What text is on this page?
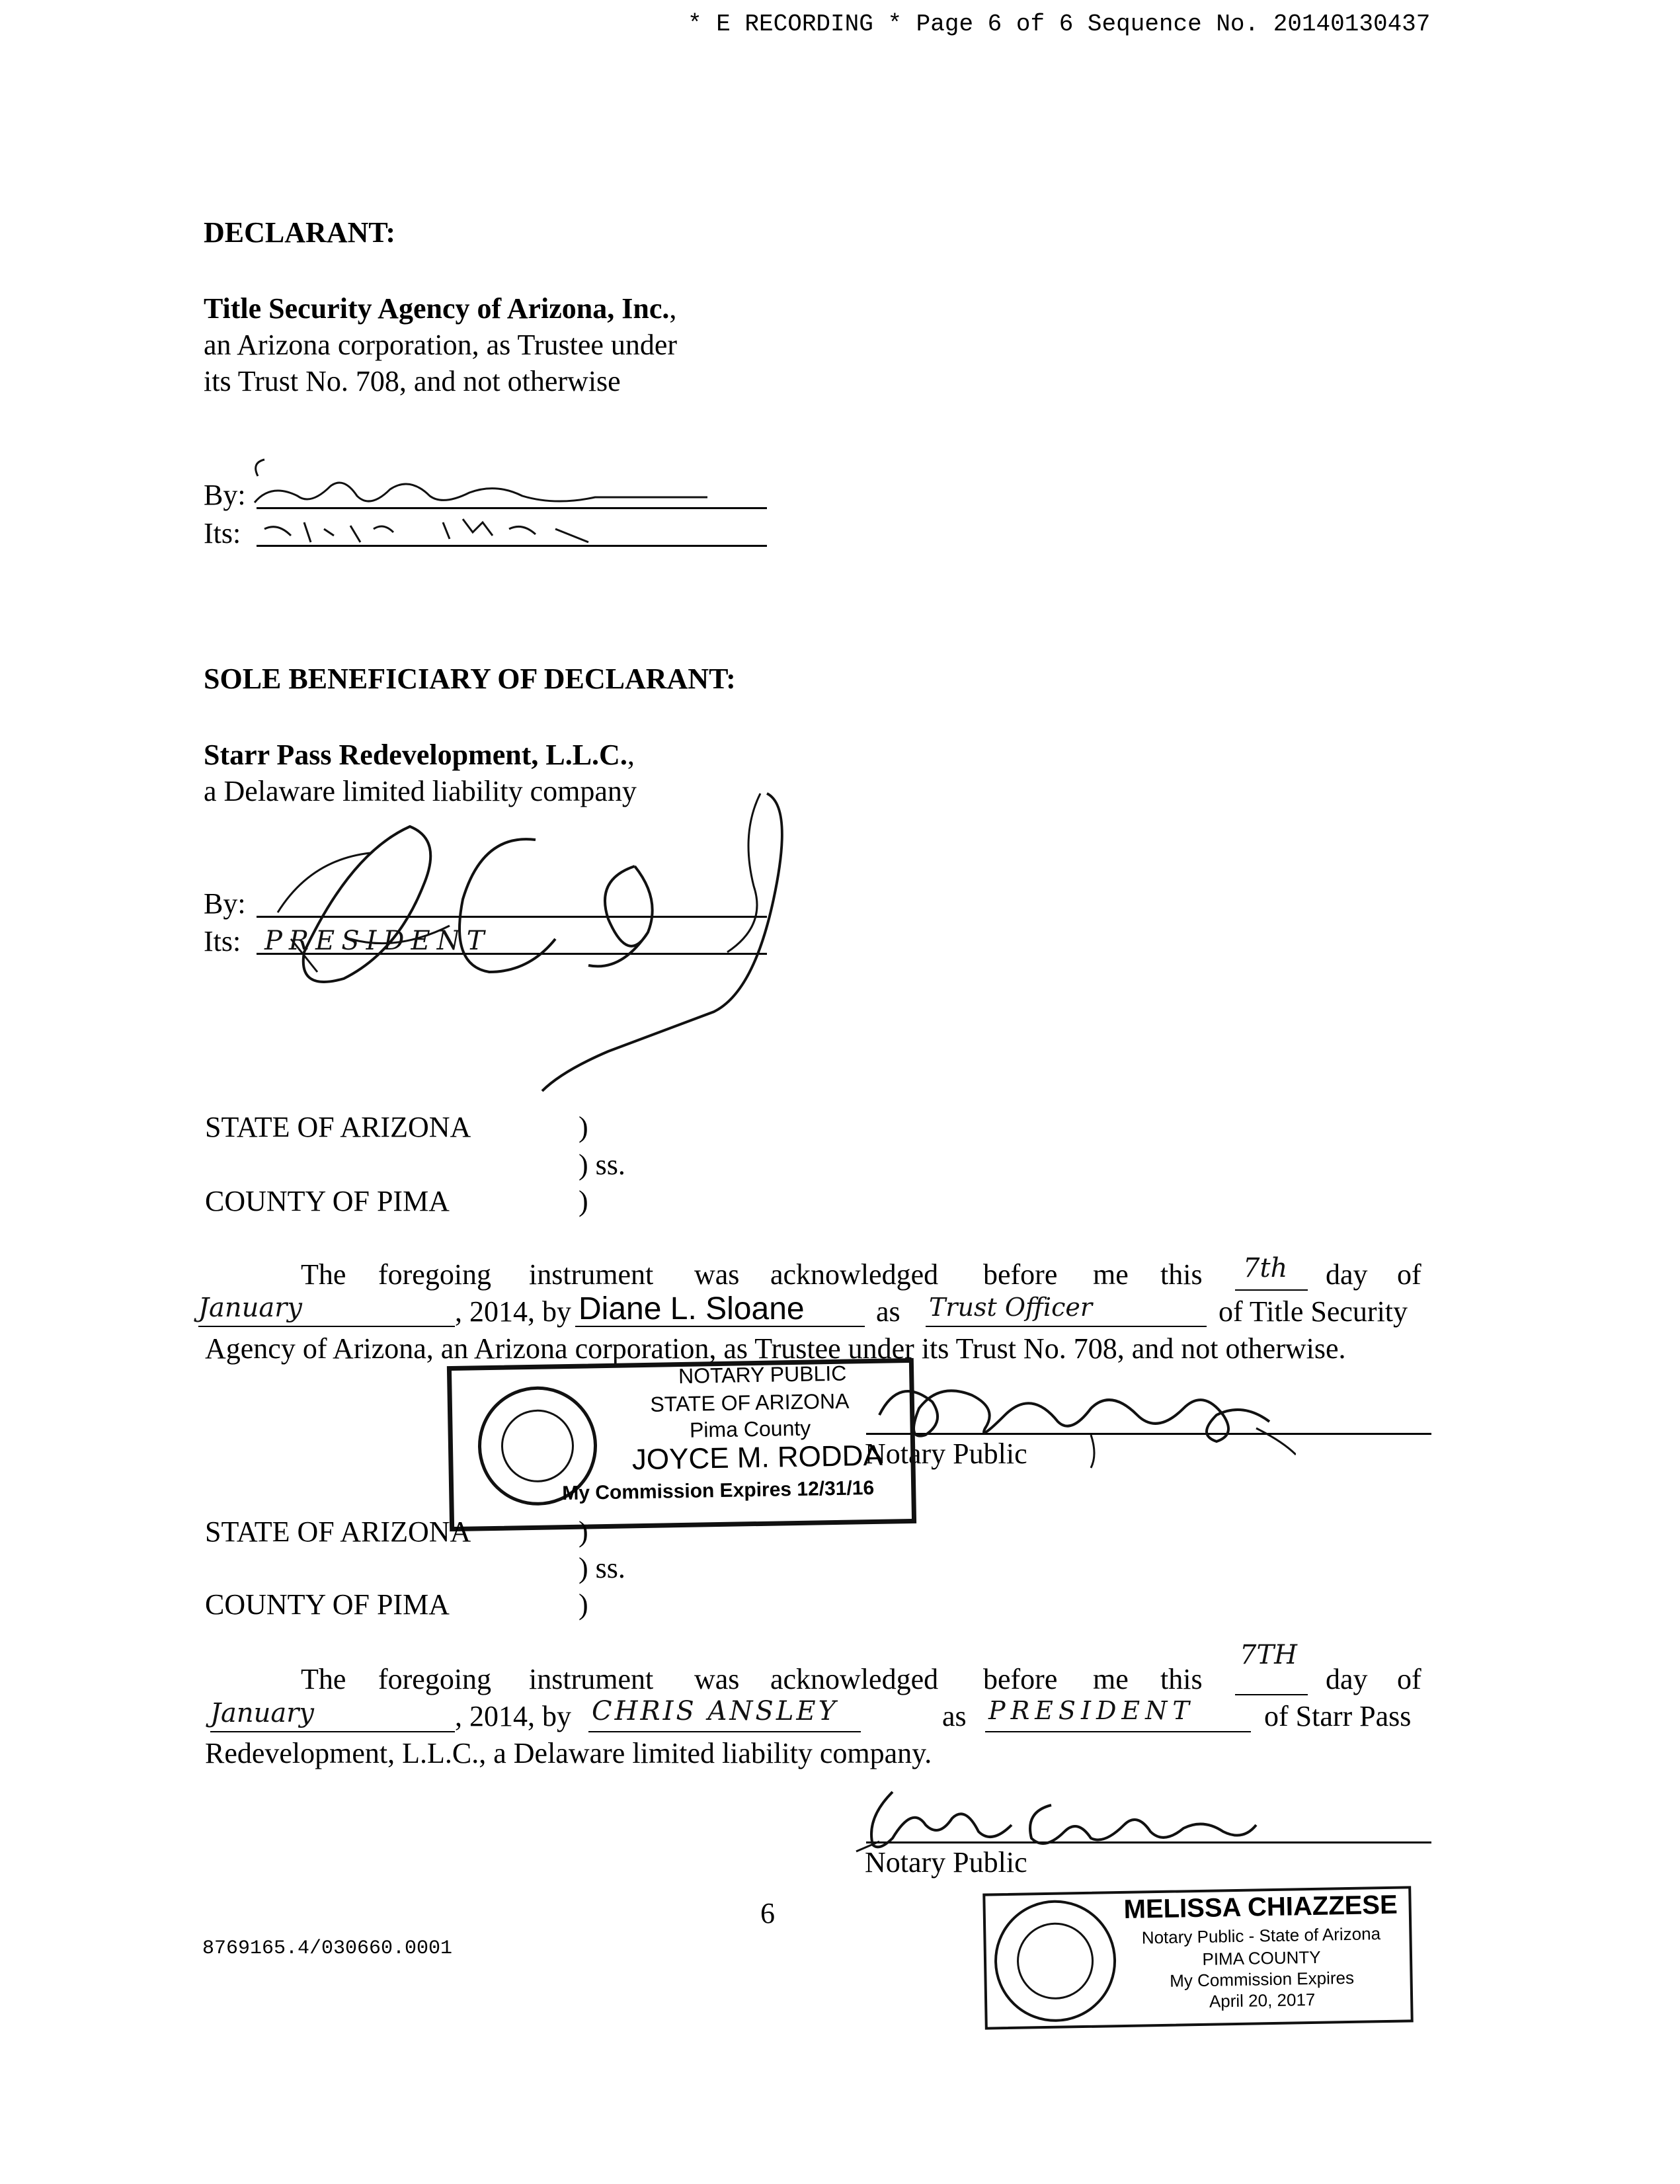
* E RECORDING * Page 6 of 6 Sequence No. 20140130437
DECLARANT:
Title Security Agency of Arizona, Inc.,
an Arizona corporation, as Trustee under
its Trust No. 708, and not otherwise
By:
Its:
SOLE BENEFICIARY OF DECLARANT:
Starr Pass Redevelopment, L.L.C.,
a Delaware limited liability company
By:
Its: PRESIDENT
STATE OF ARIZONA	)
) ss.
COUNTY OF PIMA	)
The foregoing instrument was acknowledged before me this 7th day of
January	, 2014, by Diane L. Sloane as Trust Officer	of Title Security
Agency of Arizona, an Arizona corporation, as Trustee under its Trust No. 708, and not otherwise.
Notary Public
NOTARY PUBLIC
STATE OF ARIZONA
Pima County
JOYCE M. RODDA
My Commission Expires 12/31/16
STATE OF ARIZONA	)
) ss.
COUNTY OF PIMA	)
The foregoing instrument was acknowledged before me this
7TH
day of
January	, 2014, by CHRIS ANSLEY	as PRESIDENT of Starr Pass
Redevelopment, L.L.C., a Delaware limited liability company.
Notary Public
MELISSA CHIAZZESE
Notary Public - State of Arizona
PIMA COUNTY
My Commission Expires
April 20, 2017
6
8769165.4/030660.0001
